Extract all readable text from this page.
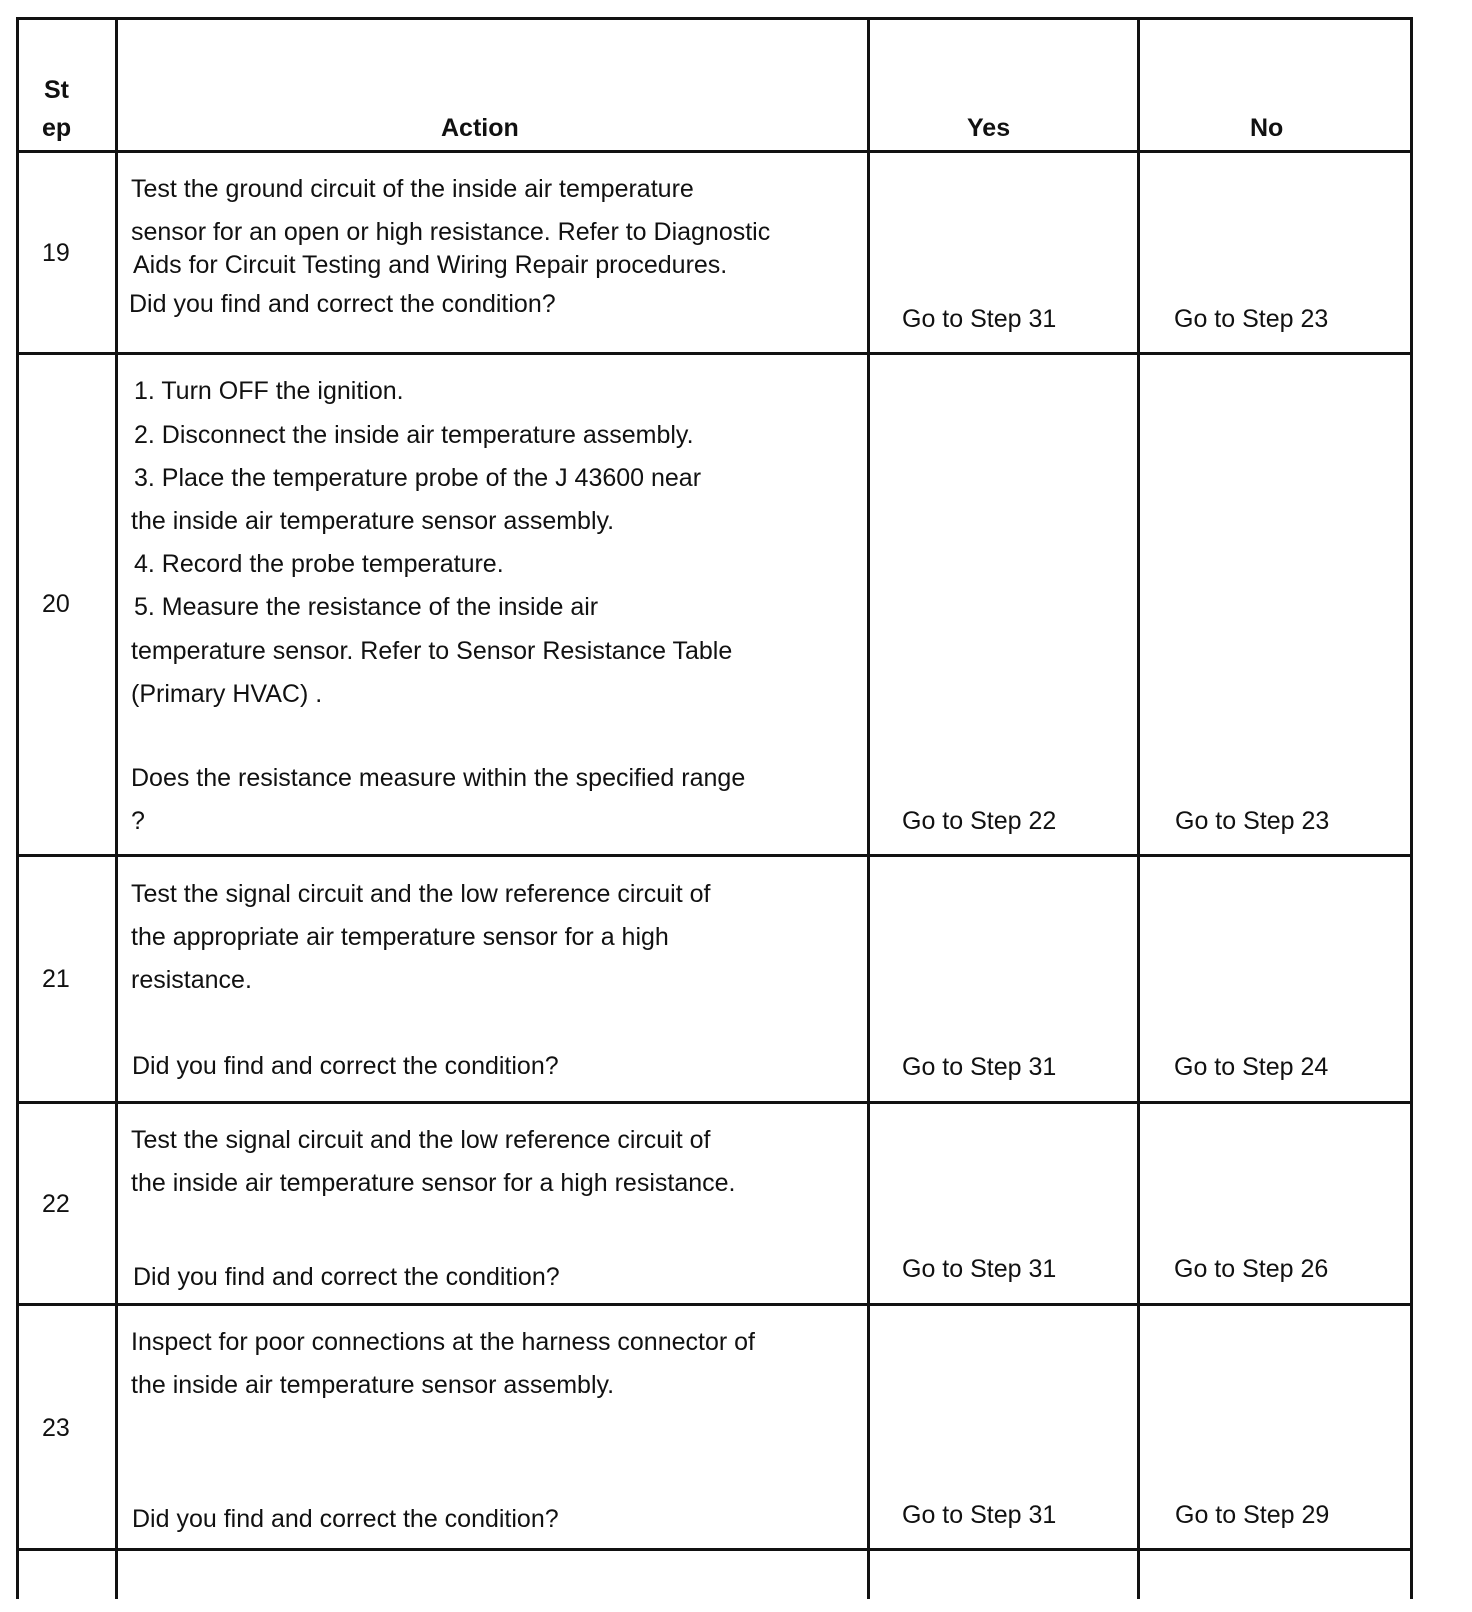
St
ep	Action	Yes	No
19
Test the ground circuit of the inside air temperature
sensor for an open or high resistance. Refer to Diagnostic
Aids for Circuit Testing and Wiring Repair procedures.
Did you find and correct the condition?
Go to Step 31	Go to Step 23
20
1. Turn OFF the ignition.
2. Disconnect the inside air temperature assembly.
3. Place the temperature probe of the J 43600 near
the inside air temperature sensor assembly.
4. Record the probe temperature.
5. Measure the resistance of the inside air
temperature sensor. Refer to Sensor Resistance Table
(Primary HVAC) .
Does the resistance measure within the specified range
?	Go to Step 22	Go to Step 23
21
Test the signal circuit and the low reference circuit of
the appropriate air temperature sensor for a high
resistance.
Did you find and correct the condition?	Go to Step 31	Go to Step 24
22
Test the signal circuit and the low reference circuit of
the inside air temperature sensor for a high resistance.
Did you find and correct the condition?	Go to Step 31	Go to Step 26
23
Inspect for poor connections at the harness connector of
the inside air temperature sensor assembly.
Did you find and correct the condition?	Go to Step 31	Go to Step 29
